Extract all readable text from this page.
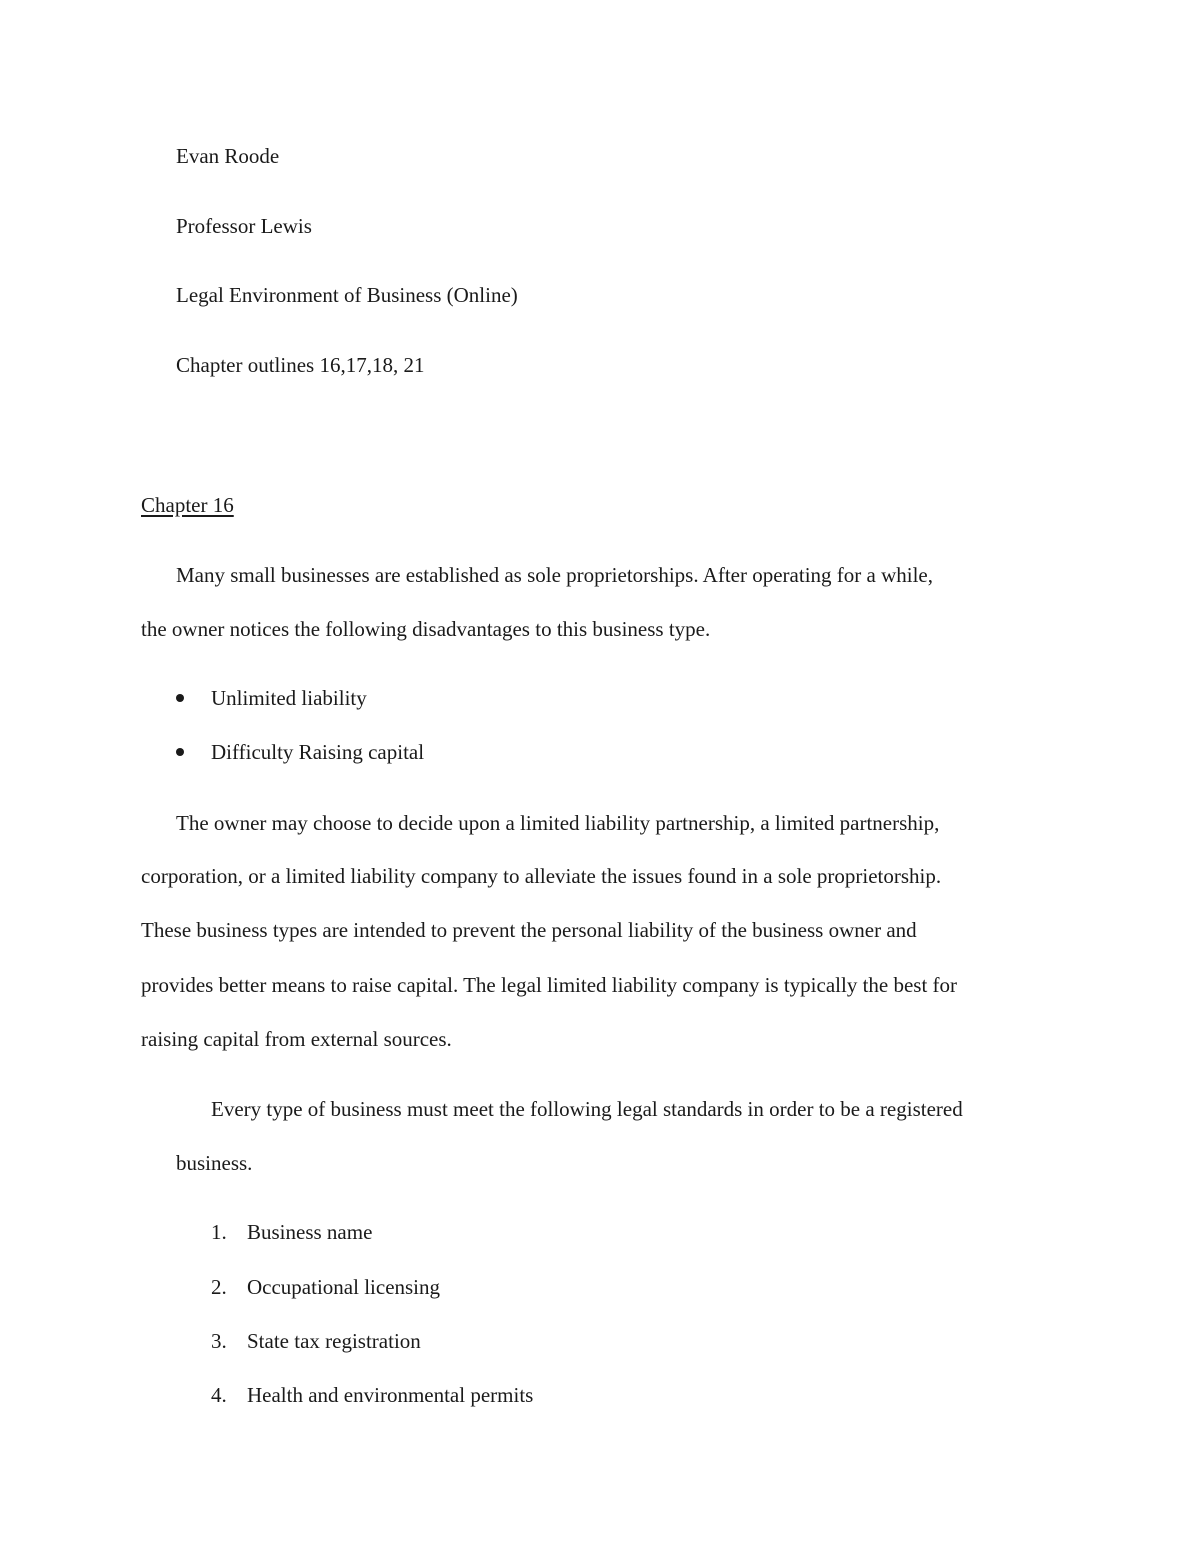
Evan Roode

Professor Lewis

Legal Environment of Business (Online)

Chapter outlines 16,17,18, 21

Chapter 16

Many small businesses are established as sole proprietorships. After operating for a while,

the owner notices the following disadvantages to this business type.

Unlimited liability

Difficulty Raising capital

The owner may choose to decide upon a limited liability partnership, a limited partnership,

corporation, or a limited liability company to alleviate the issues found in a sole proprietorship.

These business types are intended to prevent the personal liability of the business owner and

provides better means to raise capital. The legal limited liability company is typically the best for

raising capital from external sources.

Every type of business must meet the following legal standards in order to be a registered

business.

1. Business name

2. Occupational licensing

3. State tax registration

4. Health and environmental permits
